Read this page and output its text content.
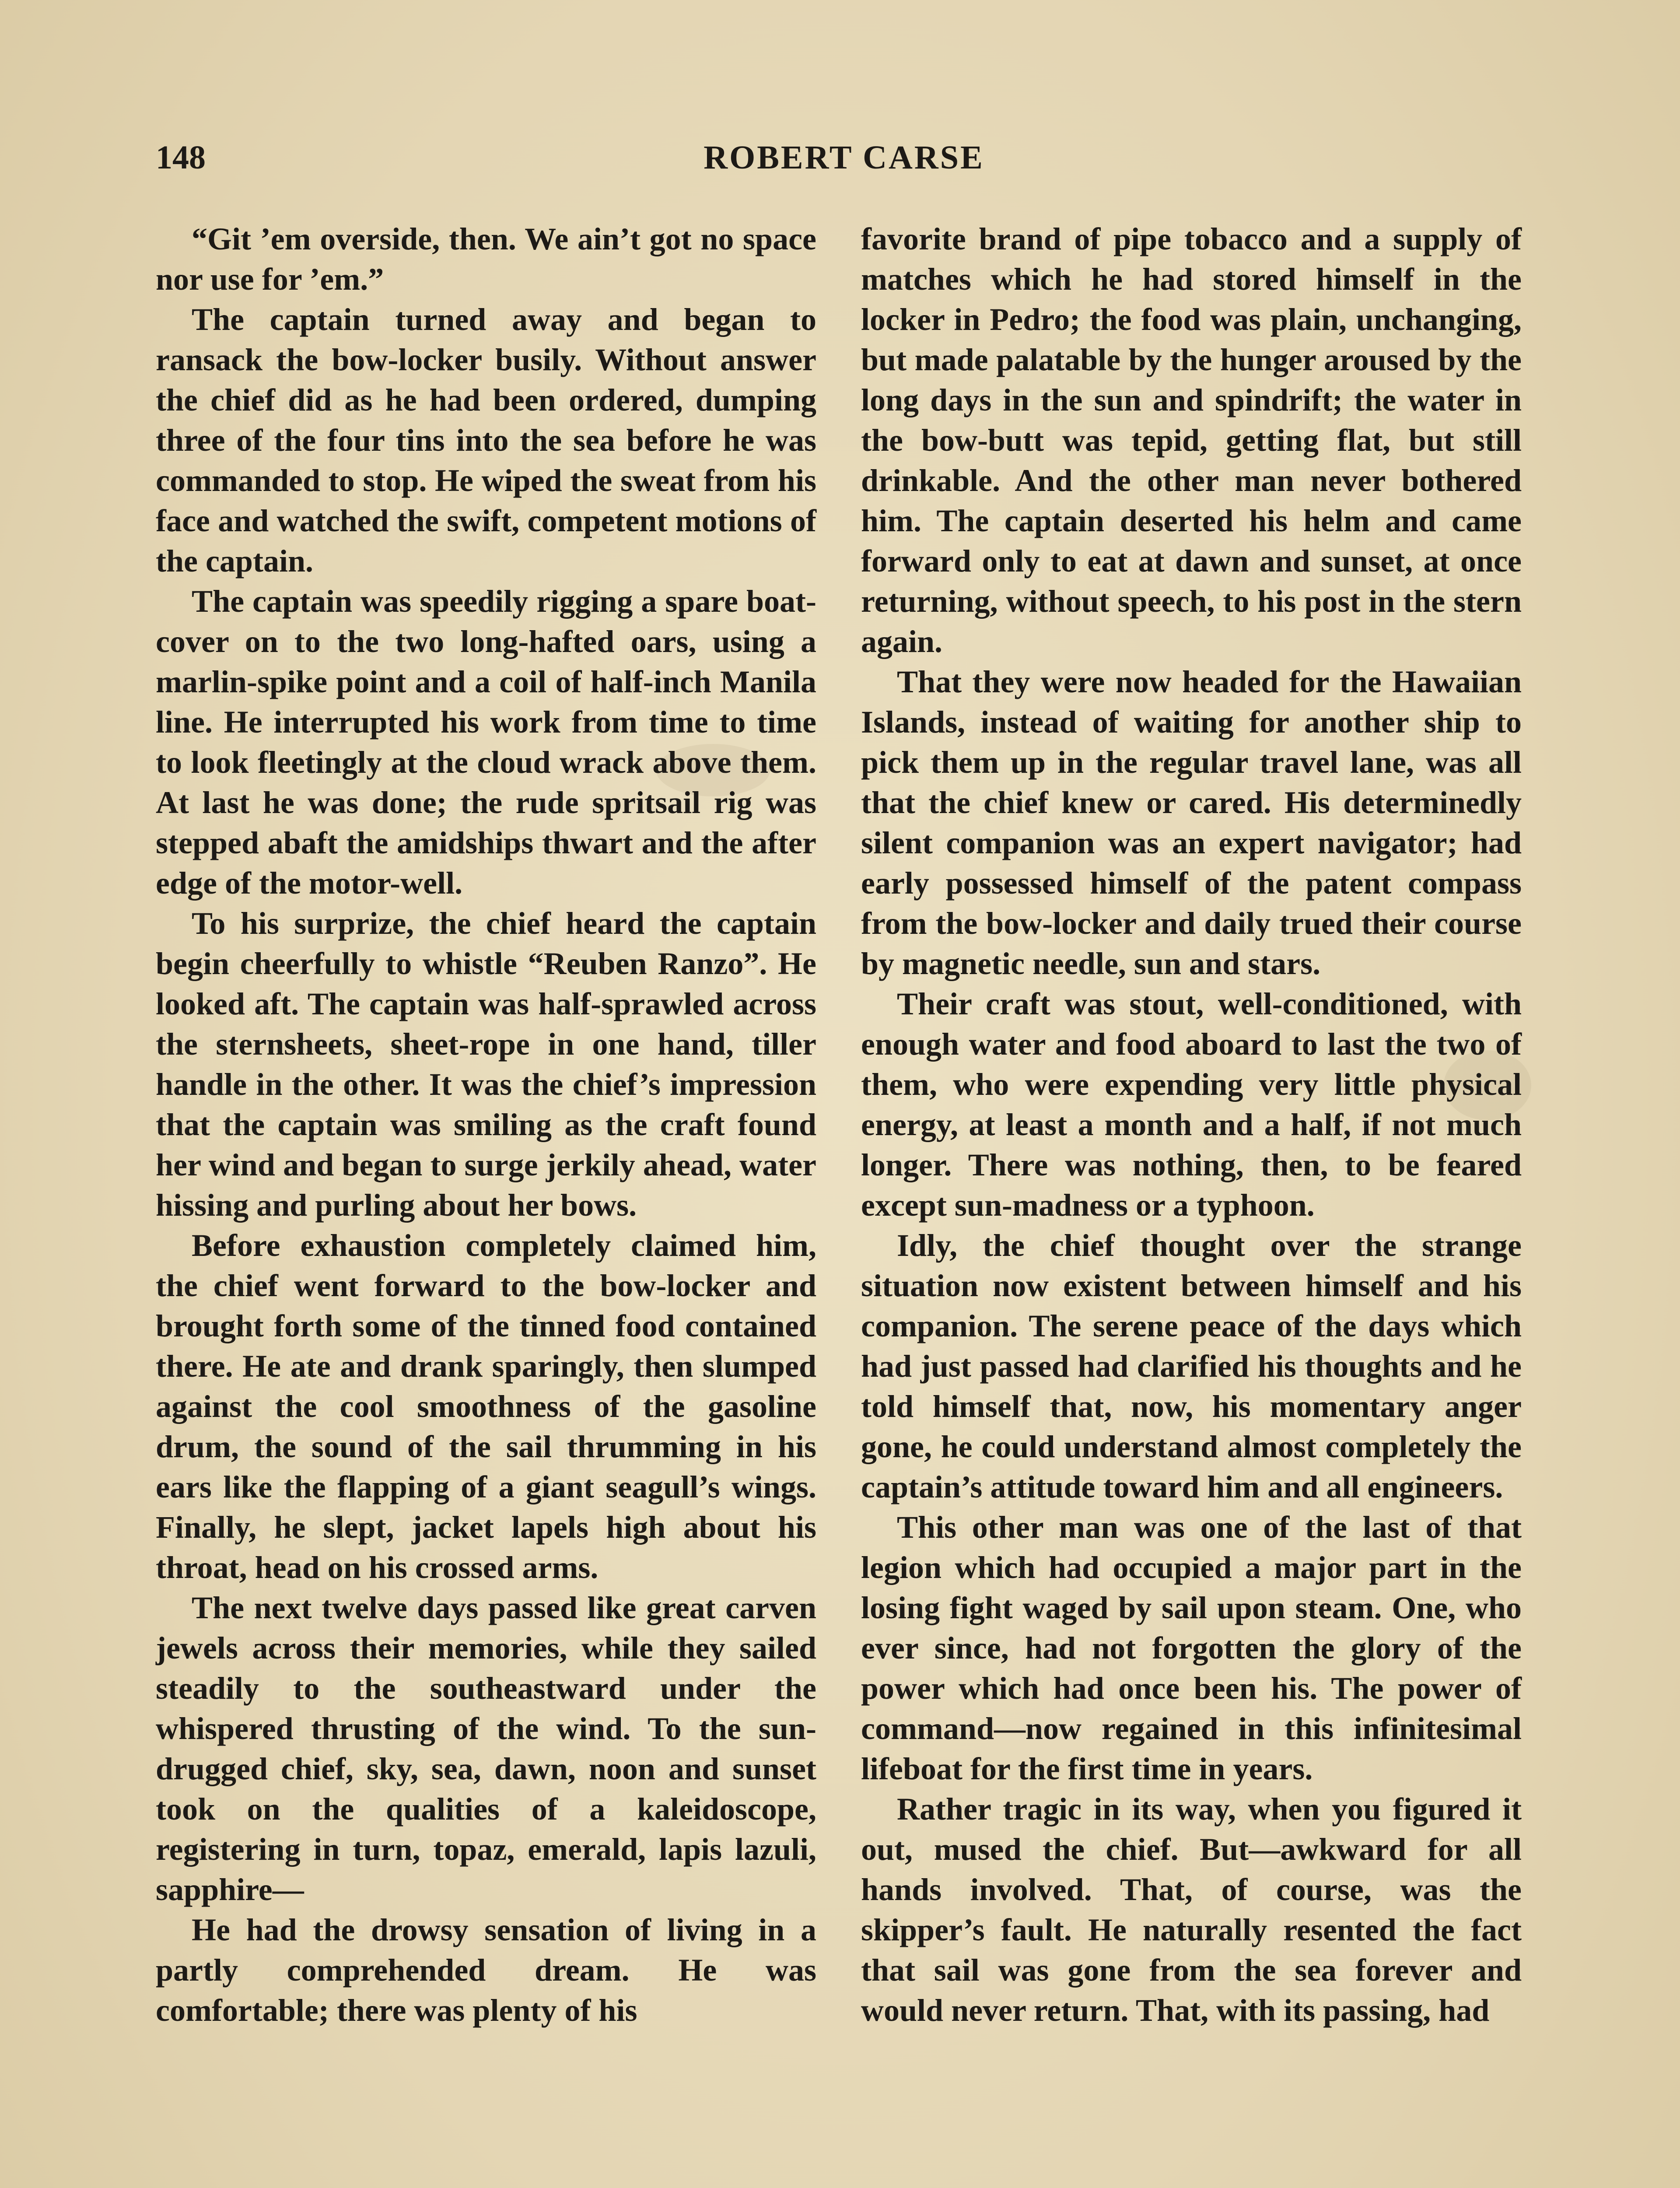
148	ROBERT CARSE

“Git ’em overside, then. We ain’t got no space nor use for ’em.”

The captain turned away and began to ransack the bow-locker busily. Without answer the chief did as he had been ordered, dumping three of the four tins into the sea before he was commanded to stop. He wiped the sweat from his face and watched the swift, competent motions of the captain.

The captain was speedily rigging a spare boat-cover on to the two long-hafted oars, using a marlin-spike point and a coil of half-inch Manila line. He interrupted his work from time to time to look fleetingly at the cloud wrack above them. At last he was done; the rude spritsail rig was stepped abaft the amidships thwart and the after edge of the motor-well.

To his surprize, the chief heard the captain begin cheerfully to whistle “Reuben Ranzo”. He looked aft. The captain was half-sprawled across the sternsheets, sheet-rope in one hand, tiller handle in the other. It was the chief’s impression that the captain was smiling as the craft found her wind and began to surge jerkily ahead, water hissing and purling about her bows.

Before exhaustion completely claimed him, the chief went forward to the bow-locker and brought forth some of the tinned food contained there. He ate and drank sparingly, then slumped against the cool smoothness of the gasoline drum, the sound of the sail thrumming in his ears like the flapping of a giant seagull’s wings. Finally, he slept, jacket lapels high about his throat, head on his crossed arms.

The next twelve days passed like great carven jewels across their memories, while they sailed steadily to the southeastward under the whispered thrusting of the wind. To the sun-drugged chief, sky, sea, dawn, noon and sunset took on the qualities of a kaleidoscope, registering in turn, topaz, emerald, lapis lazuli, sapphire—

He had the drowsy sensation of living in a partly comprehended dream. He was comfortable; there was plenty of his

favorite brand of pipe tobacco and a supply of matches which he had stored himself in the locker in Pedro; the food was plain, unchanging, but made palatable by the hunger aroused by the long days in the sun and spindrift; the water in the bow-butt was tepid, getting flat, but still drinkable. And the other man never bothered him. The captain deserted his helm and came forward only to eat at dawn and sunset, at once returning, without speech, to his post in the stern again.

That they were now headed for the Hawaiian Islands, instead of waiting for another ship to pick them up in the regular travel lane, was all that the chief knew or cared. His determinedly silent companion was an expert navigator; had early possessed himself of the patent compass from the bow-locker and daily trued their course by magnetic needle, sun and stars.

Their craft was stout, well-conditioned, with enough water and food aboard to last the two of them, who were expending very little physical energy, at least a month and a half, if not much longer. There was nothing, then, to be feared except sun-madness or a typhoon.

Idly, the chief thought over the strange situation now existent between himself and his companion. The serene peace of the days which had just passed had clarified his thoughts and he told himself that, now, his momentary anger gone, he could understand almost completely the captain’s attitude toward him and all engineers.

This other man was one of the last of that legion which had occupied a major part in the losing fight waged by sail upon steam. One, who ever since, had not forgotten the glory of the power which had once been his. The power of command—now regained in this infinitesimal lifeboat for the first time in years.

Rather tragic in its way, when you figured it out, mused the chief. But—awkward for all hands involved. That, of course, was the skipper’s fault. He naturally resented the fact that sail was gone from the sea forever and would never return. That, with its passing, had
